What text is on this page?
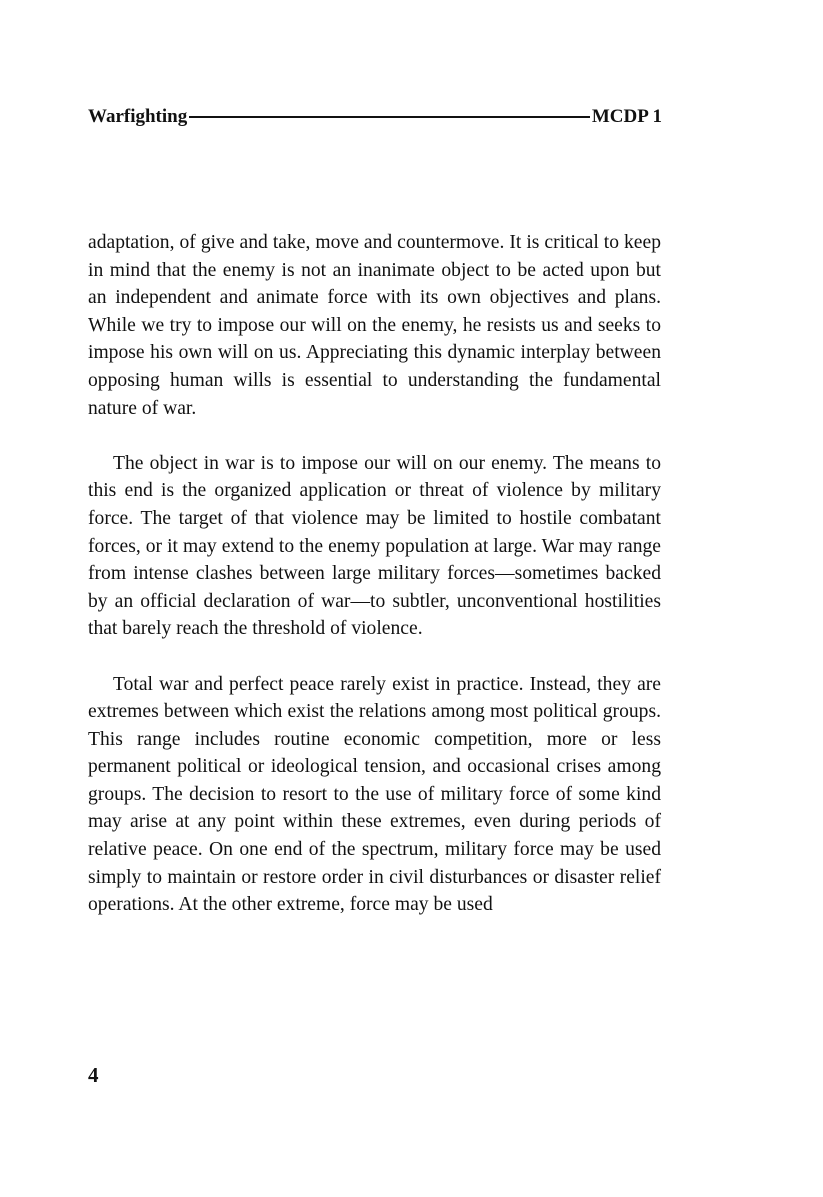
Warfighting	MCDP 1

adaptation, of give and take, move and countermove. It is critical to keep in mind that the enemy is not an inanimate object to be acted upon but an independent and animate force with its own objectives and plans. While we try to impose our will on the enemy, he resists us and seeks to impose his own will on us. Appreciating this dynamic interplay between opposing human wills is essential to understanding the fundamental nature of war.

The object in war is to impose our will on our enemy. The means to this end is the organized application or threat of violence by military force. The target of that violence may be limited to hostile combatant forces, or it may extend to the enemy population at large. War may range from intense clashes between large military forces—sometimes backed by an official declaration of war—to subtler, unconventional hostilities that barely reach the threshold of violence.

Total war and perfect peace rarely exist in practice. Instead, they are extremes between which exist the relations among most political groups. This range includes routine economic competition, more or less permanent political or ideological tension, and occasional crises among groups. The decision to resort to the use of military force of some kind may arise at any point within these extremes, even during periods of relative peace. On one end of the spectrum, military force may be used simply to maintain or restore order in civil disturbances or disaster relief operations. At the other extreme, force may be used

4
